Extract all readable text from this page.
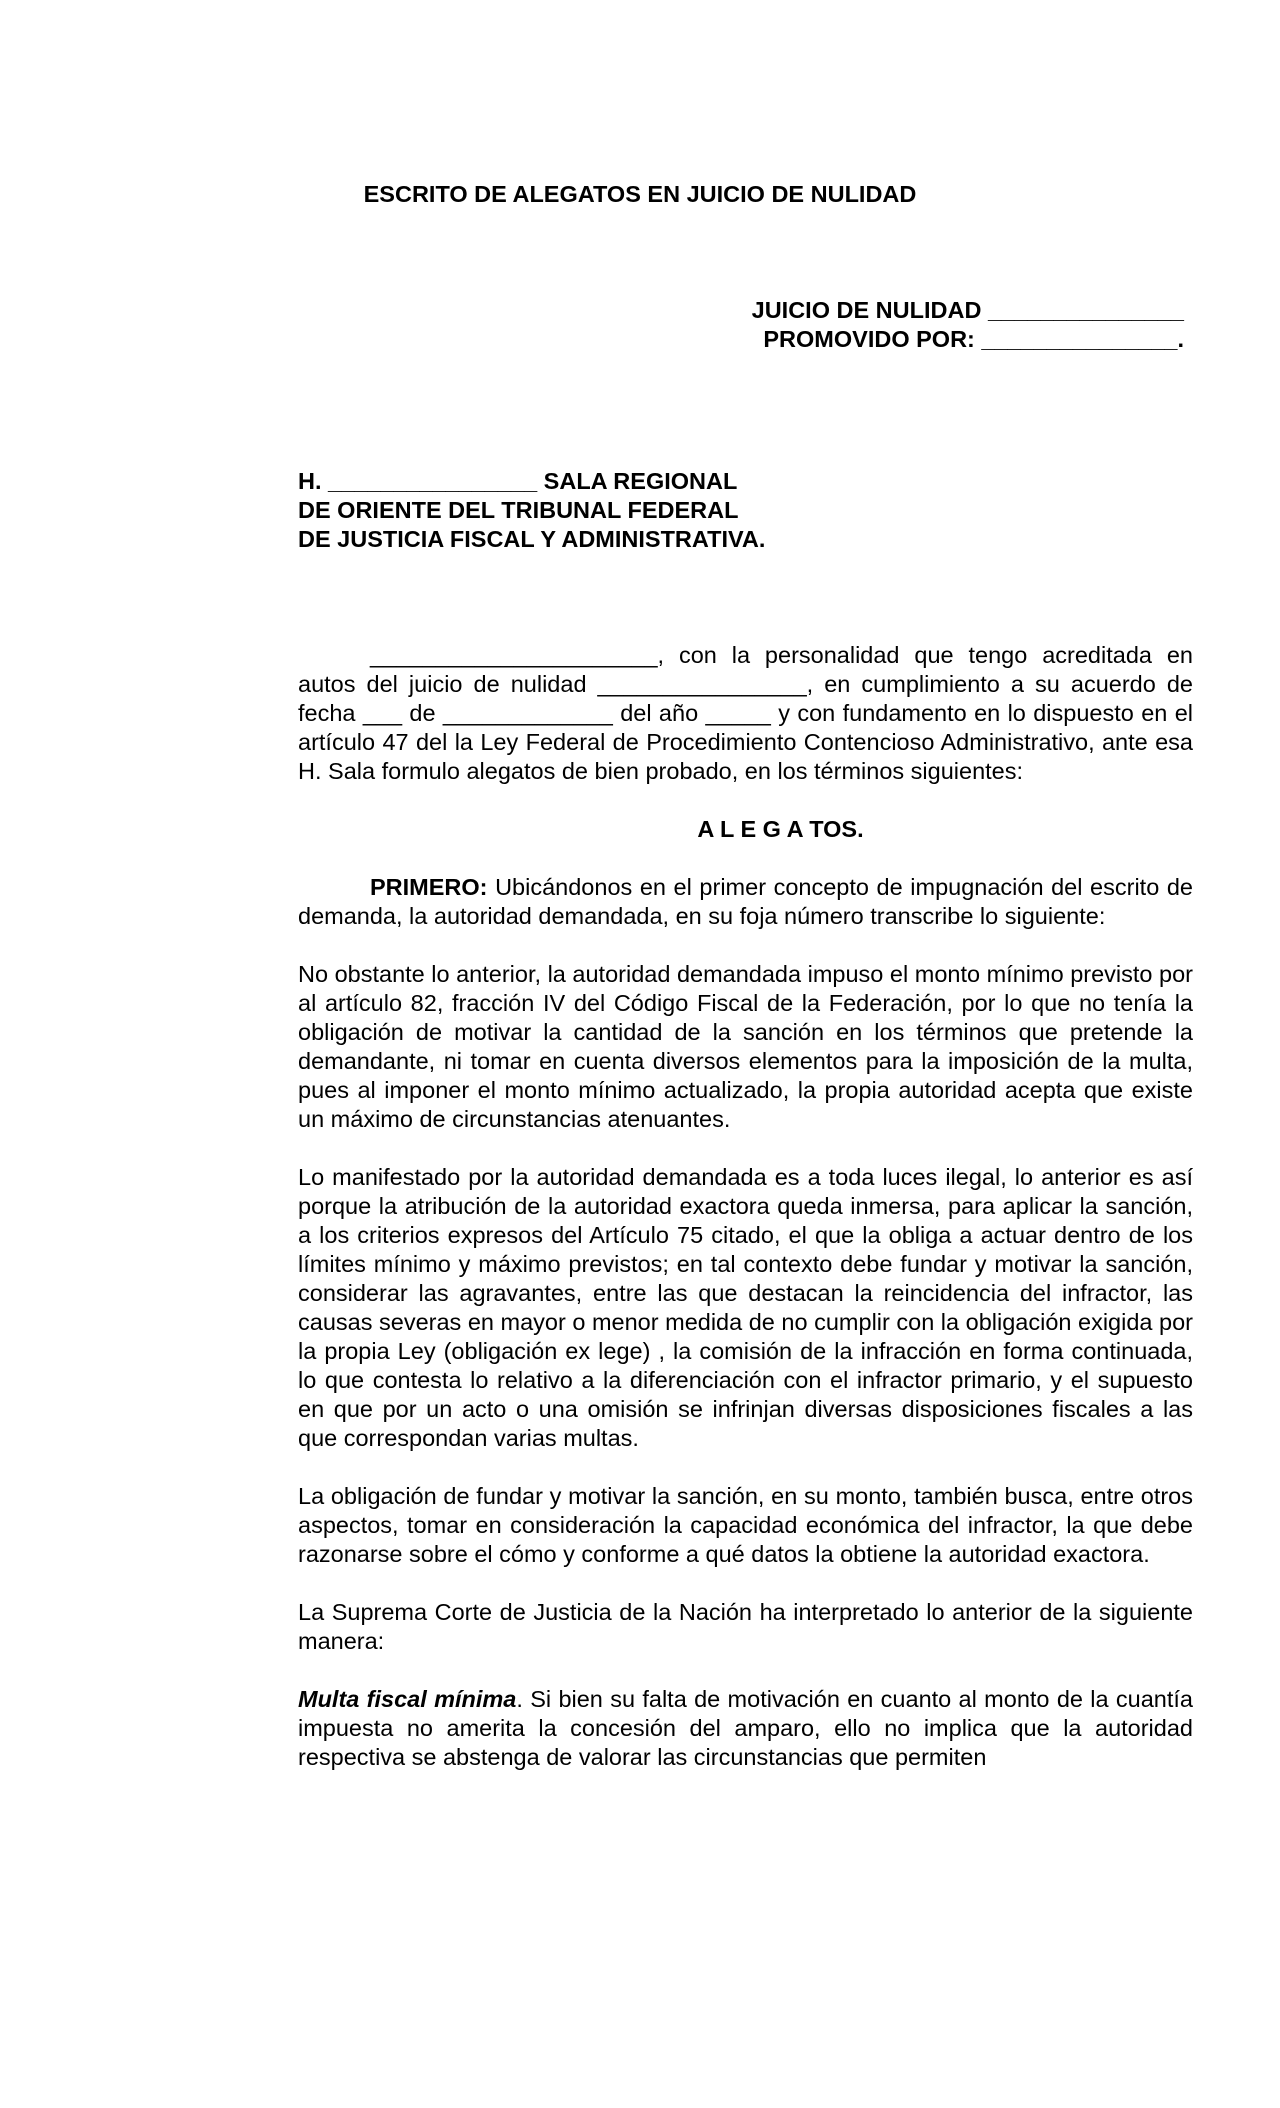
ESCRITO DE ALEGATOS EN JUICIO DE NULIDAD
JUICIO DE NULIDAD _______________
PROMOVIDO POR: _______________.
H. ________________ SALA REGIONAL
DE ORIENTE DEL TRIBUNAL FEDERAL
DE JUSTICIA FISCAL Y ADMINISTRATIVA.

______________________, con la personalidad que tengo acreditada en autos del juicio de nulidad ________________, en cumplimiento a su acuerdo de fecha ___ de _____________ del año _____ y con fundamento en lo dispuesto en el artículo 47 del la Ley Federal de Procedimiento Contencioso Administrativo, ante esa H. Sala formulo alegatos de bien probado, en los términos siguientes:

A L E G A TOS.

PRIMERO: Ubicándonos en el primer concepto de impugnación del escrito de demanda, la autoridad demandada, en su foja número transcribe lo siguiente:

No obstante lo anterior, la autoridad demandada impuso el monto mínimo previsto por al artículo 82, fracción IV del Código Fiscal de la Federación, por lo que no tenía la obligación de motivar la cantidad de la sanción en los términos que pretende la demandante, ni tomar en cuenta diversos elementos para la imposición de la multa, pues al imponer el monto mínimo actualizado, la propia autoridad acepta que existe un máximo de circunstancias atenuantes.

Lo manifestado por la autoridad demandada es a toda luces ilegal, lo anterior es así porque la atribución de la autoridad exactora queda inmersa, para aplicar la sanción, a los criterios expresos del Artículo 75 citado, el que la obliga a actuar dentro de los límites mínimo y máximo previstos; en tal contexto debe fundar y motivar la sanción, considerar las agravantes, entre las que destacan la reincidencia del infractor, las causas severas en mayor o menor medida de no cumplir con la obligación exigida por la propia Ley (obligación ex lege) , la comisión de la infracción en forma continuada, lo que contesta lo relativo a la diferenciación con el infractor primario, y el supuesto en que por un acto o una omisión se infrinjan diversas disposiciones fiscales a las que correspondan varias multas.

La obligación de fundar y motivar la sanción, en su monto, también busca, entre otros aspectos, tomar en consideración la capacidad económica del infractor, la que debe razonarse sobre el cómo y conforme a qué datos la obtiene la autoridad exactora.

La Suprema Corte de Justicia de la Nación ha interpretado lo anterior de la siguiente manera:

Multa fiscal mínima. Si bien su falta de motivación en cuanto al monto de la cuantía impuesta no amerita la concesión del amparo, ello no implica que la autoridad respectiva se abstenga de valorar las circunstancias que permiten
